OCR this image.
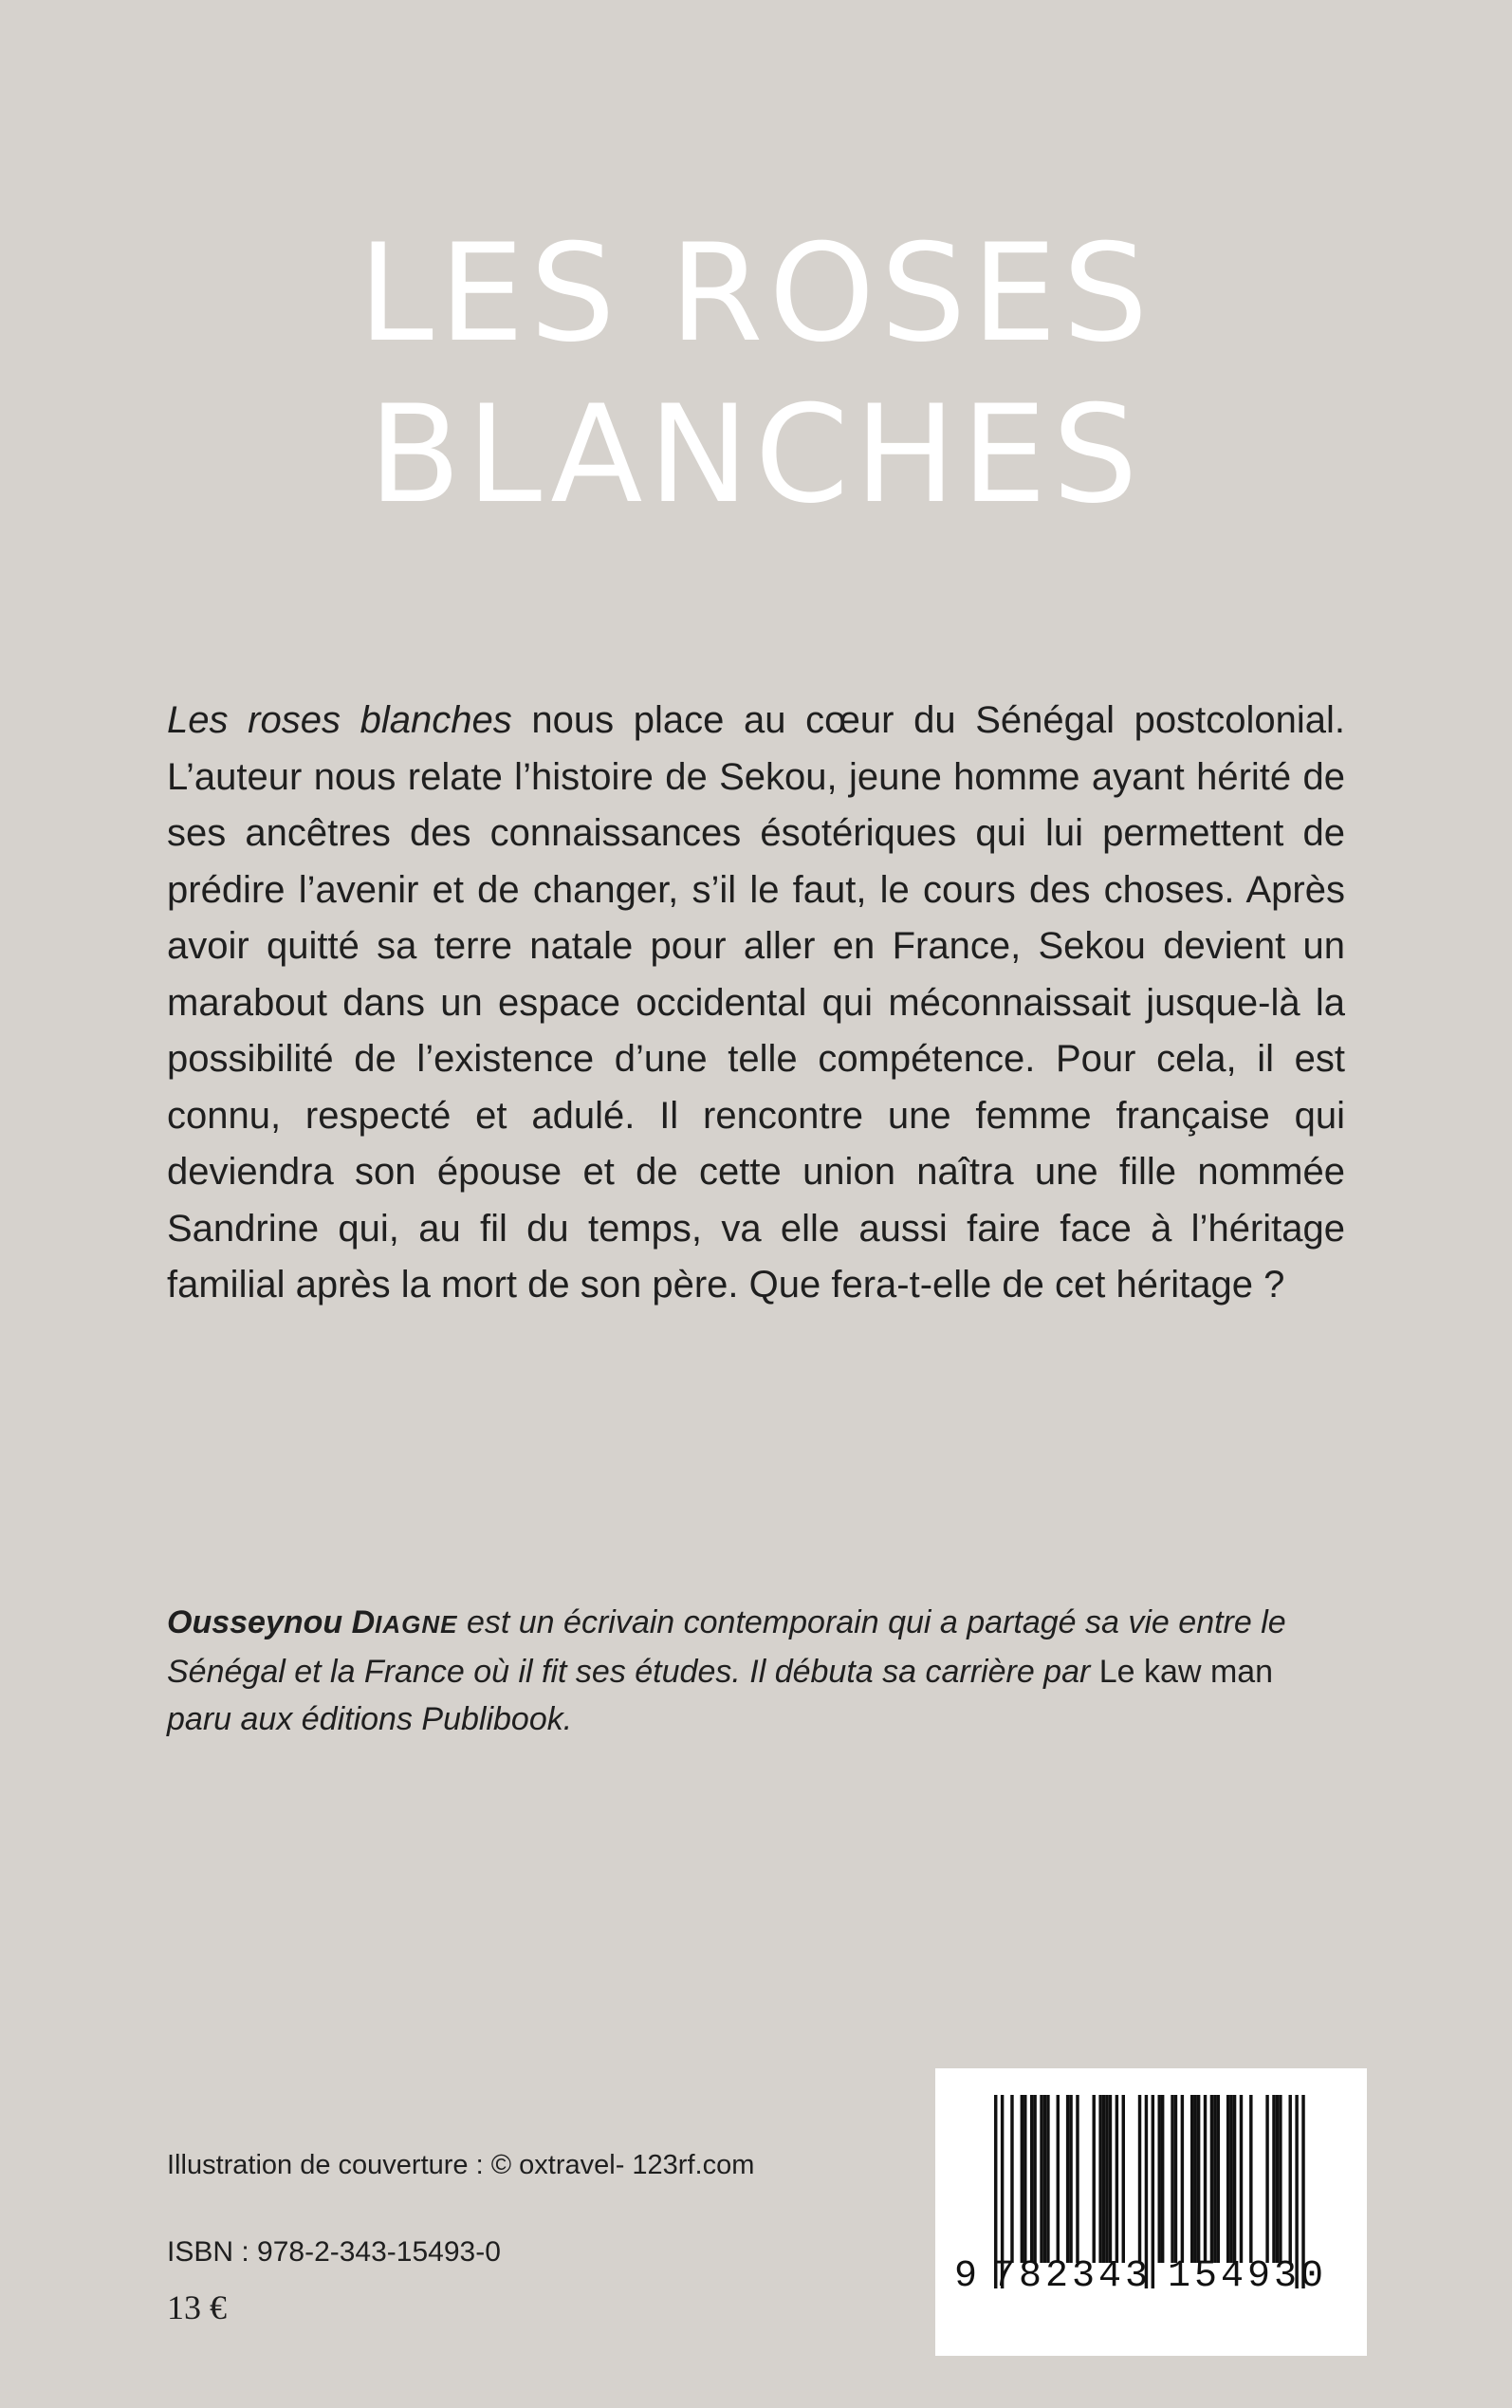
LES ROSES
BLANCHES
Les roses blanches nous place au cœur du Sénégal postcolonial. L’auteur nous relate l’histoire de Sekou, jeune homme ayant hérité de ses ancêtres des connaissances ésotériques qui lui permettent de prédire l’avenir et de changer, s’il le faut, le cours des choses. Après avoir quitté sa terre natale pour aller en France, Sekou devient un marabout dans un espace occidental qui méconnaissait jusque-là la possibilité de l’existence d’une telle compétence. Pour cela, il est connu, respecté et adulé. Il rencontre une femme française qui deviendra son épouse et de cette union naîtra une fille nommée Sandrine qui, au fil du temps, va elle aussi faire face à l’héritage familial après la mort de son père. Que fera-t-elle de cet héritage ?
Ousseynou DIAGNE est un écrivain contemporain qui a partagé sa vie entre le Sénégal et la France où il fit ses études. Il débuta sa carrière par Le kaw man paru aux éditions Publibook.
Illustration de couverture : © oxtravel- 123rf.com
ISBN : 978-2-343-15493-0
13 €
9 782343 154930
